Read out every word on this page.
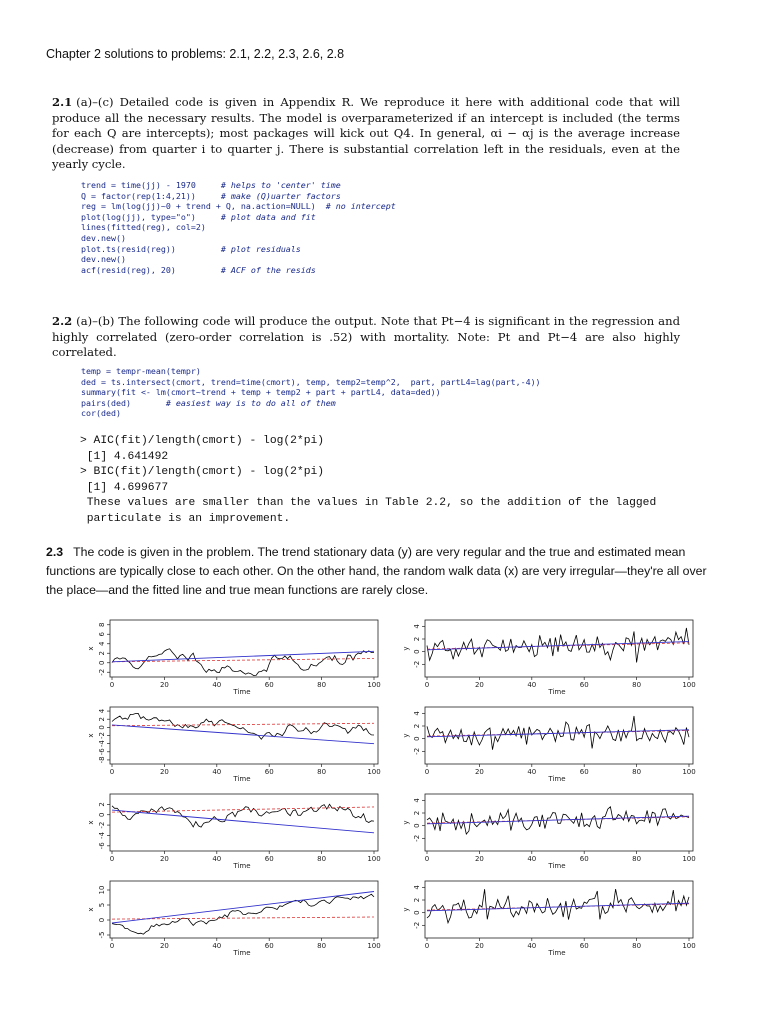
Chapter 2 solutions to problems: 2.1, 2.2, 2.3, 2.6, 2.8
2.1 (a)–(c) Detailed code is given in Appendix R. We reproduce it here with additional code that will produce all the necessary results. The model is overparameterized if an intercept is included (the terms for each Q are intercepts); most packages will kick out Q4. In general, αi − αj is the average increase (decrease) from quarter i to quarter j. There is substantial correlation left in the residuals, even at the yearly cycle.
trend = time(jj) - 1970     # helps to 'center' time
Q = factor(rep(1:4,21))     # make (Q)uarter factors
reg = lm(log(jj)~0 + trend + Q, na.action=NULL)  # no intercept
plot(log(jj), type="o")     # plot data and fit
lines(fitted(reg), col=2)
dev.new()
plot.ts(resid(reg))         # plot residuals
dev.new()
acf(resid(reg), 20)         # ACF of the resids

2.2 (a)–(b) The following code will produce the output. Note that Pt−4 is significant in the regression and highly correlated (zero-order correlation is .52) with mortality. Note: Pt and Pt−4 are also highly correlated.
temp = tempr-mean(tempr)
ded = ts.intersect(cmort, trend=time(cmort), temp, temp2=temp^2,  part, partL4=lag(part,-4))
summary(fit <- lm(cmort~trend + temp + temp2 + part + partL4, data=ded))
pairs(ded)       # easiest way is to do all of them
cor(ded)

> AIC(fit)/length(cmort) - log(2*pi)
[1] 4.641492
> BIC(fit)/length(cmort) - log(2*pi)
[1] 4.699677
These values are smaller than the values in Table 2.2, so the addition of the lagged
particulate is an improvement.
2.3 The code is given in the problem. The trend stationary data (y) are very regular and the true and estimated mean functions are typically close to each other. On the other hand, the random walk data (x) are very irregular—they're all over the place—and the fitted line and true mean functions are rarely close.
0	20	40	60	80	100
-2
0
2
4
6
8
Time
x
0	20	40	60	80	100
-2
0
2
4
Time
y
0	20	40	60	80	100
-8
-6
-4
-2
0
2
4
Time
x
0	20	40	60	80	100
-2
0
2
4
Time
y
0	20	40	60	80	100
-6
-4
-2
0
2
Time
x
0	20	40	60	80	100
-2
0
2
4
Time
y
0	20	40	60	80	100
-5
0
5
10
Time
x
0	20	40	60	80	100
-2
0
2
4
Time
y
